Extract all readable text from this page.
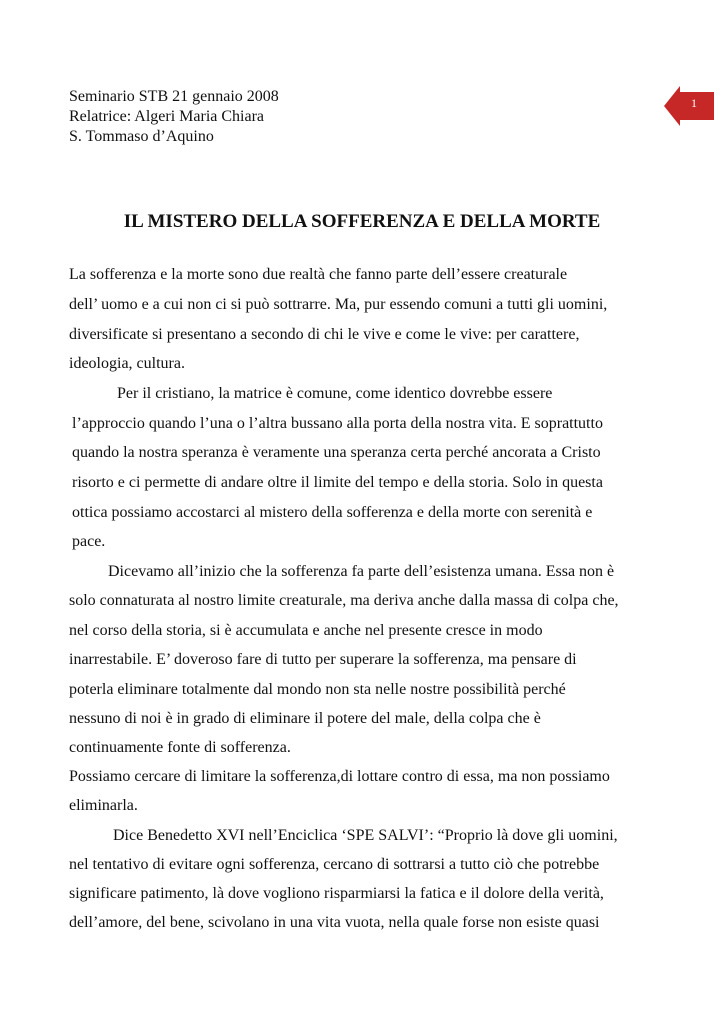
Seminario STB 21 gennaio 2008
Relatrice: Algeri Maria Chiara
S. Tommaso d’Aquino
1
IL MISTERO DELLA SOFFERENZA E DELLA MORTE
La sofferenza e la morte sono due realtà che fanno parte dell’essere creaturale
dell’ uomo e a cui non ci si può sottrarre. Ma, pur essendo comuni a tutti gli uomini,
diversificate si presentano a secondo di chi le vive e come le vive: per carattere,
ideologia, cultura.
Per il cristiano, la matrice è comune, come identico dovrebbe essere
l’approccio quando l’una o l’altra bussano alla porta della nostra vita. E soprattutto
quando la nostra speranza è veramente una speranza certa perché ancorata a Cristo
risorto e ci permette di andare oltre il limite del tempo e della storia. Solo in questa
ottica possiamo accostarci al mistero della sofferenza e della morte con serenità e
pace.
Dicevamo all’inizio che la sofferenza fa parte dell’esistenza umana. Essa non è
solo connaturata al nostro limite creaturale, ma deriva anche dalla massa di colpa che,
nel corso della storia, si è accumulata e anche nel presente cresce in modo
inarrestabile. E’ doveroso fare di tutto per superare la sofferenza, ma pensare di
poterla eliminare totalmente dal mondo non sta nelle nostre possibilità perché
nessuno di noi è in grado di eliminare il potere del male, della colpa che è
continuamente fonte di sofferenza.
Possiamo cercare di limitare la sofferenza,di lottare contro di essa, ma non possiamo
eliminarla.
Dice Benedetto XVI nell’Enciclica ‘SPE SALVI’: “Proprio là dove gli uomini,
nel tentativo di evitare ogni sofferenza, cercano di sottrarsi a tutto ciò che potrebbe
significare patimento, là dove vogliono risparmiarsi la fatica e il dolore della verità,
dell’amore, del bene, scivolano in una vita vuota, nella quale forse non esiste quasi
